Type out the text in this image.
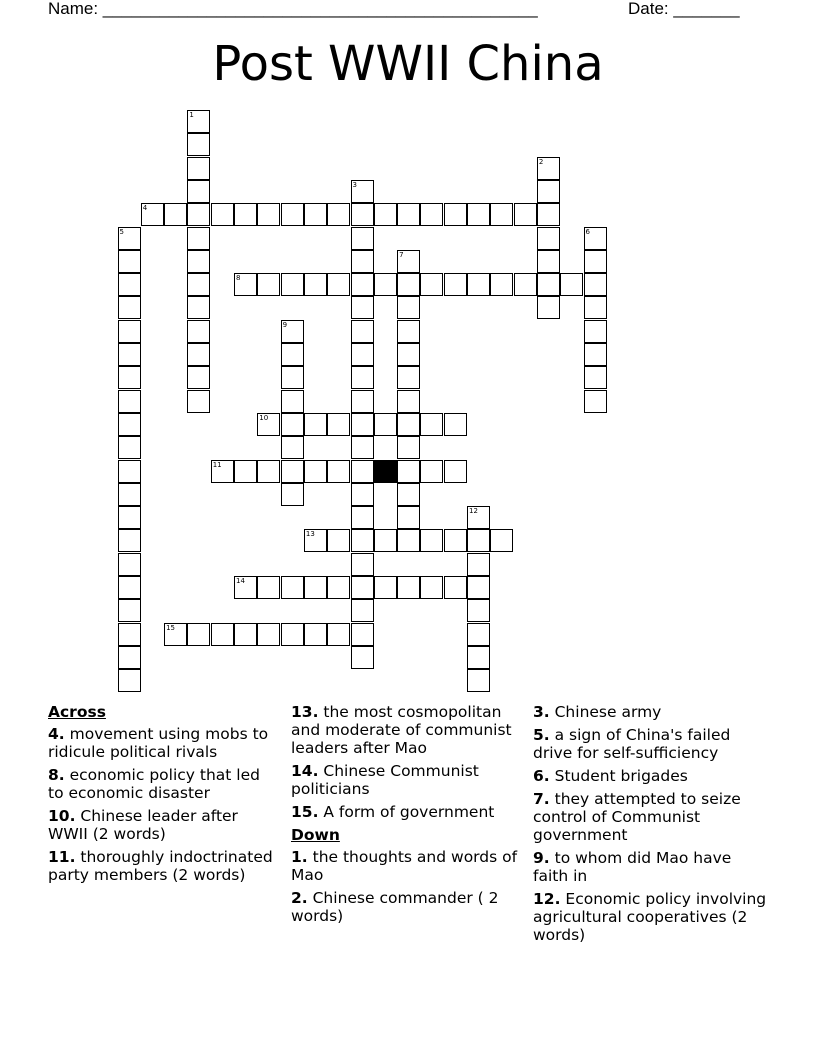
Name: ______________________________________________	Date: _______
Post WWII China
1
2
3
4
5	6
7
8
9
10
11
12
13
14
15
Across
4. movement using mobs to ridicule political rivals
8. economic policy that led to economic disaster
10. Chinese leader after WWII (2 words)
11. thoroughly indoctrinated party members (2 words)
13. the most cosmopolitan and moderate of communist leaders after Mao
14. Chinese Communist politicians
15. A form of government
Down
1. the thoughts and words of Mao
2. Chinese commander ( 2 words)
3. Chinese army
5. a sign of China's failed drive for self-sufficiency
6. Student brigades
7. they attempted to seize control of Communist government
9. to whom did Mao have faith in
12. Economic policy involving agricultural cooperatives (2 words)
